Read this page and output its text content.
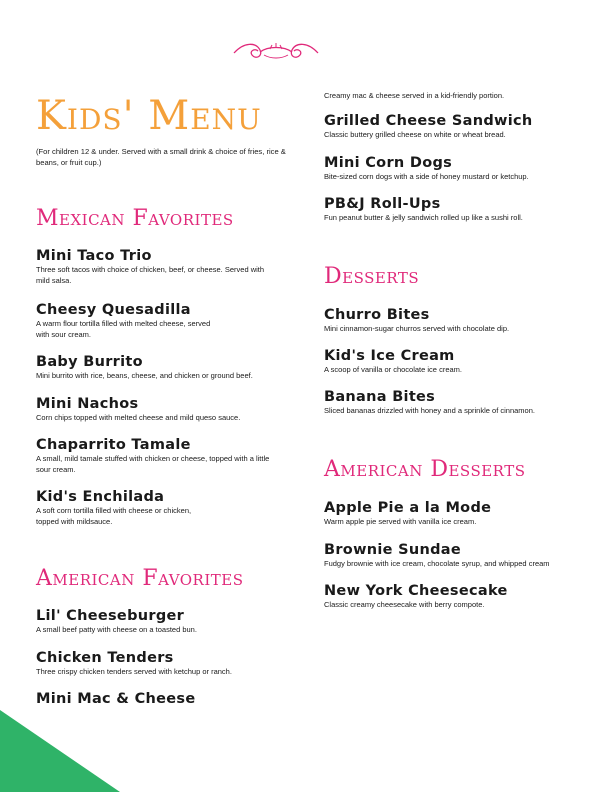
Kids' Menu
(For children 12 & under. Served with a small drink & choice of fries, rice & beans, or fruit cup.)
Mexican Favorites
Mini Taco Trio
Three soft tacos with choice of chicken, beef, or cheese. Served with mild salsa.
Cheesy Quesadilla
A warm flour tortilla filled with melted cheese, served with sour cream.
Baby Burrito
Mini burrito with rice, beans, cheese, and chicken or ground beef.
Mini Nachos
Corn chips topped with melted cheese and mild queso sauce.
Chaparrito Tamale
A small, mild tamale stuffed with chicken or cheese, topped with a little sour cream.
Kid's Enchilada
A soft corn tortilla filled with cheese or chicken, topped with mildsauce.
American Favorites
Lil' Cheeseburger
A small beef patty with cheese on a toasted bun.
Chicken Tenders
Three crispy chicken tenders served with ketchup or ranch.
Mini Mac & Cheese
Creamy mac & cheese served in a kid-friendly portion.
Grilled Cheese Sandwich
Classic buttery grilled cheese on white or wheat bread.
Mini Corn Dogs
Bite-sized corn dogs with a side of honey mustard or ketchup.
PB&J Roll-Ups
Fun peanut butter & jelly sandwich rolled up like a sushi roll.
Desserts
Churro Bites
Mini cinnamon-sugar churros served with chocolate dip.
Kid's Ice Cream
A scoop of vanilla or chocolate ice cream.
Banana Bites
Sliced bananas drizzled with honey and a sprinkle of cinnamon.
American Desserts
Apple Pie a la Mode
Warm apple pie served with vanilla ice cream.
Brownie Sundae
Fudgy brownie with ice cream, chocolate syrup, and whipped cream
New York Cheesecake
Classic creamy cheesecake with berry compote.
